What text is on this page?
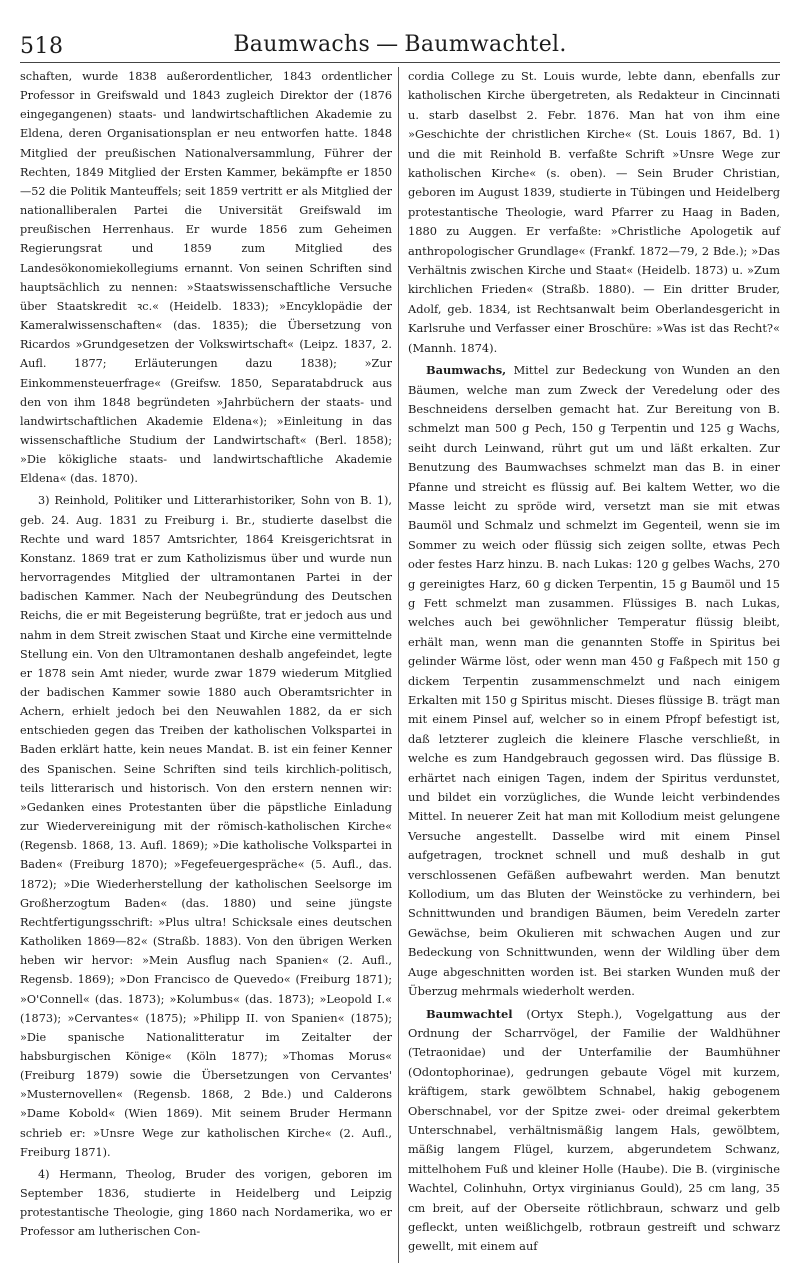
518	Baumwachs — Baumwachtel.

schaften, wurde 1838 außerordentlicher, 1843 ordentlicher Professor in Greifswald und 1843 zugleich Direktor der (1876 eingegangenen) staats- und landwirtschaftlichen Akademie zu Eldena, deren Organisationsplan er neu entworfen hatte. 1848 Mitglied der preußischen Nationalversammlung, Führer der Rechten, 1849 Mitglied der Ersten Kammer, bekämpfte er 1850—52 die Politik Manteuffels; seit 1859 vertritt er als Mitglied der nationalliberalen Partei die Universität Greifswald im preußischen Herrenhaus. Er wurde 1856 zum Geheimen Regierungsrat und 1859 zum Mitglied des Landesökonomiekollegiums ernannt. Von seinen Schriften sind hauptsächlich zu nennen: »Staatswissenschaftliche Versuche über Staatskredit ꝛc.« (Heidelb. 1833); »Encyklopädie der Kameralwissenschaften« (das. 1835); die Übersetzung von Ricardos »Grundgesetzen der Volkswirtschaft« (Leipz. 1837, 2. Aufl. 1877; Erläuterungen dazu 1838); »Zur Einkommensteuerfrage« (Greifsw. 1850, Separatabdruck aus den von ihm 1848 begründeten »Jahrbüchern der staats- und landwirtschaftlichen Akademie Eldena«); »Einleitung in das wissenschaftliche Studium der Landwirtschaft« (Berl. 1858); »Die kökigliche staats- und landwirtschaftliche Akademie Eldena« (das. 1870).

3) Reinhold, Politiker und Litterarhistoriker, Sohn von B. 1), geb. 24. Aug. 1831 zu Freiburg i. Br., studierte daselbst die Rechte und ward 1857 Amtsrichter, 1864 Kreisgerichtsrat in Konstanz. 1869 trat er zum Katholizismus über und wurde nun hervorragendes Mitglied der ultramontanen Partei in der badischen Kammer. Nach der Neubegründung des Deutschen Reichs, die er mit Begeisterung begrüßte, trat er jedoch aus und nahm in dem Streit zwischen Staat und Kirche eine vermittelnde Stellung ein. Von den Ultramontanen deshalb angefeindet, legte er 1878 sein Amt nieder, wurde zwar 1879 wiederum Mitglied der badischen Kammer sowie 1880 auch Oberamtsrichter in Achern, erhielt jedoch bei den Neuwahlen 1882, da er sich entschieden gegen das Treiben der katholischen Volkspartei in Baden erklärt hatte, kein neues Mandat. B. ist ein feiner Kenner des Spanischen. Seine Schriften sind teils kirchlich-politisch, teils litterarisch und historisch. Von den erstern nennen wir: »Gedanken eines Protestanten über die päpstliche Einladung zur Wiedervereinigung mit der römisch-katholischen Kirche« (Regensb. 1868, 13. Aufl. 1869); »Die katholische Volkspartei in Baden« (Freiburg 1870); »Fegefeuergespräche« (5. Aufl., das. 1872); »Die Wiederherstellung der katholischen Seelsorge im Großherzogtum Baden« (das. 1880) und seine jüngste Rechtfertigungsschrift: »Plus ultra! Schicksale eines deutschen Katholiken 1869—82« (Straßb. 1883). Von den übrigen Werken heben wir hervor: »Mein Ausflug nach Spanien« (2. Aufl., Regensb. 1869); »Don Francisco de Quevedo« (Freiburg 1871); »O'Connell« (das. 1873); »Kolumbus« (das. 1873); »Leopold I.« (1873); »Cervantes« (1875); »Philipp II. von Spanien« (1875); »Die spanische Nationalitteratur im Zeitalter der habsburgischen Könige« (Köln 1877); »Thomas Morus« (Freiburg 1879) sowie die Übersetzungen von Cervantes' »Musternovellen« (Regensb. 1868, 2 Bde.) und Calderons »Dame Kobold« (Wien 1869). Mit seinem Bruder Hermann schrieb er: »Unsre Wege zur katholischen Kirche« (2. Aufl., Freiburg 1871).

4) Hermann, Theolog, Bruder des vorigen, geboren im September 1836, studierte in Heidelberg und Leipzig protestantische Theologie, ging 1860 nach Nordamerika, wo er Professor am lutherischen Con-

cordia College zu St. Louis wurde, lebte dann, ebenfalls zur katholischen Kirche übergetreten, als Redakteur in Cincinnati u. starb daselbst 2. Febr. 1876. Man hat von ihm eine »Geschichte der christlichen Kirche« (St. Louis 1867, Bd. 1) und die mit Reinhold B. verfaßte Schrift »Unsre Wege zur katholischen Kirche« (s. oben). — Sein Bruder Christian, geboren im August 1839, studierte in Tübingen und Heidelberg protestantische Theologie, ward Pfarrer zu Haag in Baden, 1880 zu Auggen. Er verfaßte: »Christliche Apologetik auf anthropologischer Grundlage« (Frankf. 1872—79, 2 Bde.); »Das Verhältnis zwischen Kirche und Staat« (Heidelb. 1873) u. »Zum kirchlichen Frieden« (Straßb. 1880). — Ein dritter Bruder, Adolf, geb. 1834, ist Rechtsanwalt beim Oberlandesgericht in Karlsruhe und Verfasser einer Broschüre: »Was ist das Recht?« (Mannh. 1874).

Baumwachs, Mittel zur Bedeckung von Wunden an den Bäumen, welche man zum Zweck der Veredelung oder des Beschneidens derselben gemacht hat. Zur Bereitung von B. schmelzt man 500 g Pech, 150 g Terpentin und 125 g Wachs, seiht durch Leinwand, rührt gut um und läßt erkalten. Zur Benutzung des Baumwachses schmelzt man das B. in einer Pfanne und streicht es flüssig auf. Bei kaltem Wetter, wo die Masse leicht zu spröde wird, versetzt man sie mit etwas Baumöl und Schmalz und schmelzt im Gegenteil, wenn sie im Sommer zu weich oder flüssig sich zeigen sollte, etwas Pech oder festes Harz hinzu. B. nach Lukas: 120 g gelbes Wachs, 270 g gereinigtes Harz, 60 g dicken Terpentin, 15 g Baumöl und 15 g Fett schmelzt man zusammen. Flüssiges B. nach Lukas, welches auch bei gewöhnlicher Temperatur flüssig bleibt, erhält man, wenn man die genannten Stoffe in Spiritus bei gelinder Wärme löst, oder wenn man 450 g Faßpech mit 150 g dickem Terpentin zusammenschmelzt und nach einigem Erkalten mit 150 g Spiritus mischt. Dieses flüssige B. trägt man mit einem Pinsel auf, welcher so in einem Pfropf befestigt ist, daß letzterer zugleich die kleinere Flasche verschließt, in welche es zum Handgebrauch gegossen wird. Das flüssige B. erhärtet nach einigen Tagen, indem der Spiritus verdunstet, und bildet ein vorzügliches, die Wunde leicht verbindendes Mittel. In neuerer Zeit hat man mit Kollodium meist gelungene Versuche angestellt. Dasselbe wird mit einem Pinsel aufgetragen, trocknet schnell und muß deshalb in gut verschlossenen Gefäßen aufbewahrt werden. Man benutzt Kollodium, um das Bluten der Weinstöcke zu verhindern, bei Schnittwunden und brandigen Bäumen, beim Veredeln zarter Gewächse, beim Okulieren mit schwachen Augen und zur Bedeckung von Schnittwunden, wenn der Wildling über dem Auge abgeschnitten worden ist. Bei starken Wunden muß der Überzug mehrmals wiederholt werden.

Baumwachtel (Ortyx Steph.), Vogelgattung aus der Ordnung der Scharrvögel, der Familie der Waldhühner (Tetraonidae) und der Unterfamilie der Baumhühner (Odontophorinae), gedrungen gebaute Vögel mit kurzem, kräftigem, stark gewölbtem Schnabel, hakig gebogenem Oberschnabel, vor der Spitze zwei- oder dreimal gekerbtem Unterschnabel, verhältnismäßig langem Hals, gewölbtem, mäßig langem Flügel, kurzem, abgerundetem Schwanz, mittelhohem Fuß und kleiner Holle (Haube). Die B. (virginische Wachtel, Colinhuhn, Ortyx virginianus Gould), 25 cm lang, 35 cm breit, auf der Oberseite rötlichbraun, schwarz und gelb gefleckt, unten weißlichgelb, rotbraun gestreift und schwarz gewellt, mit einem auf
